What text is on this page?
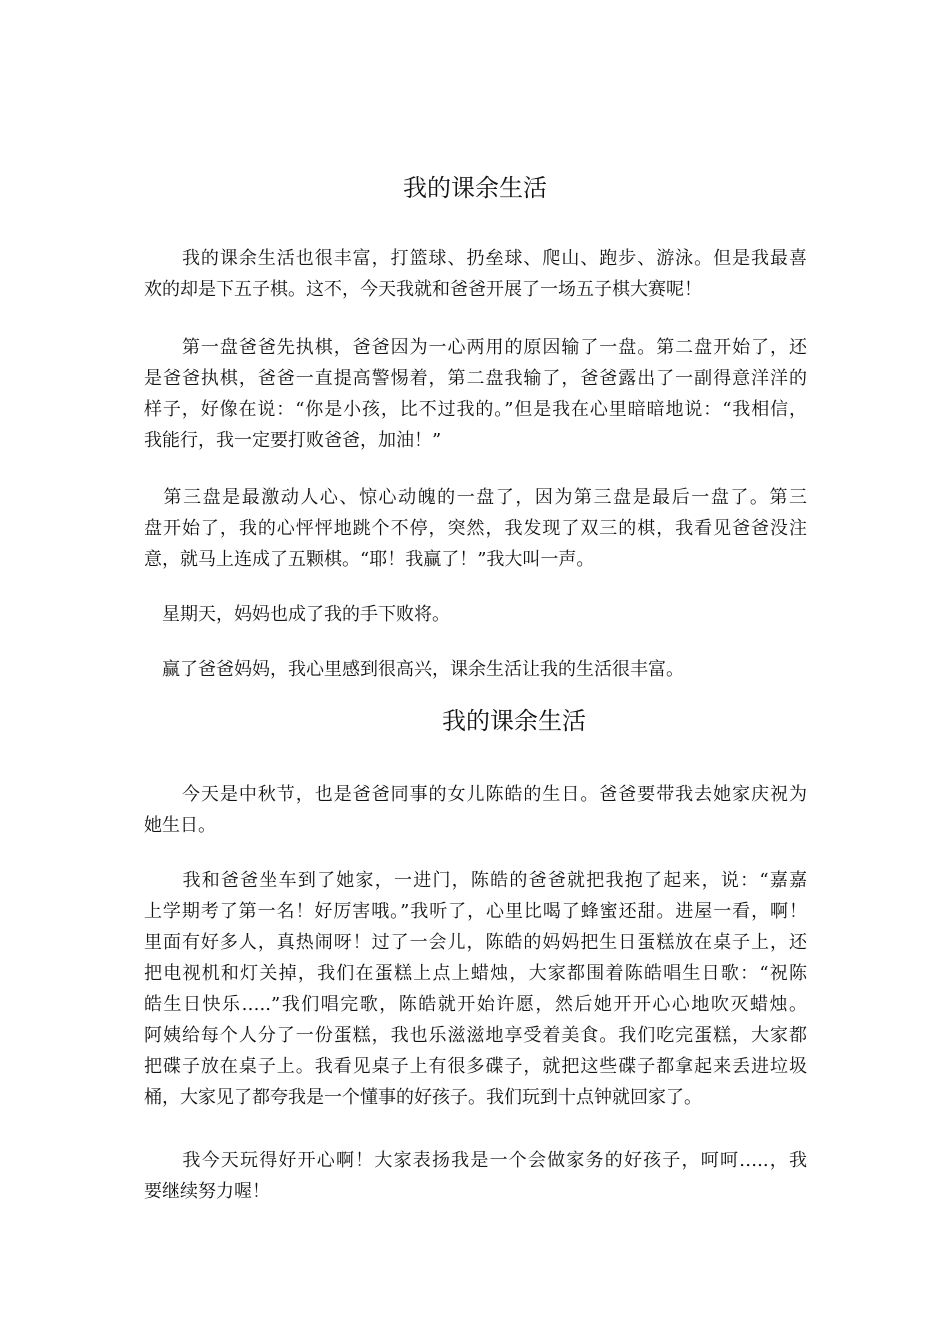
我的课余生活
　　我的课余生活也很丰富，打篮球、扔垒球、爬山、跑步、游泳。但是我最喜
欢的却是下五子棋。这不，今天我就和爸爸开展了一场五子棋大赛呢！
　　第一盘爸爸先执棋，爸爸因为一心两用的原因输了一盘。第二盘开始了，还
是爸爸执棋，爸爸一直提高警惕着，第二盘我输了，爸爸露出了一副得意洋洋的
样子，好像在说：“你是小孩，比不过我的。”但是我在心里暗暗地说：“我相信，
我能行，我一定要打败爸爸，加油！”
　第三盘是最激动人心、惊心动魄的一盘了，因为第三盘是最后一盘了。第三
盘开始了，我的心怦怦地跳个不停，突然，我发现了双三的棋，我看见爸爸没注
意，就马上连成了五颗棋。“耶！我赢了！”我大叫一声。
　星期天，妈妈也成了我的手下败将。
　赢了爸爸妈妈，我心里感到很高兴，课余生活让我的生活很丰富。
我的课余生活
　　今天是中秋节，也是爸爸同事的女儿陈皓的生日。爸爸要带我去她家庆祝为
她生日。
　　我和爸爸坐车到了她家，一进门，陈皓的爸爸就把我抱了起来，说：“嘉嘉
上学期考了第一名！好厉害哦。”我听了，心里比喝了蜂蜜还甜。进屋一看，啊！
里面有好多人，真热闹呀！过了一会儿，陈皓的妈妈把生日蛋糕放在桌子上，还
把电视机和灯关掉，我们在蛋糕上点上蜡烛，大家都围着陈皓唱生日歌：“祝陈
皓生日快乐…..”我们唱完歌，陈皓就开始许愿，然后她开开心心地吹灭蜡烛。
阿姨给每个人分了一份蛋糕，我也乐滋滋地享受着美食。我们吃完蛋糕，大家都
把碟子放在桌子上。我看见桌子上有很多碟子，就把这些碟子都拿起来丢进垃圾
桶，大家见了都夸我是一个懂事的好孩子。我们玩到十点钟就回家了。
　　我今天玩得好开心啊！大家表扬我是一个会做家务的好孩子，呵呵…..，我
要继续努力喔！
